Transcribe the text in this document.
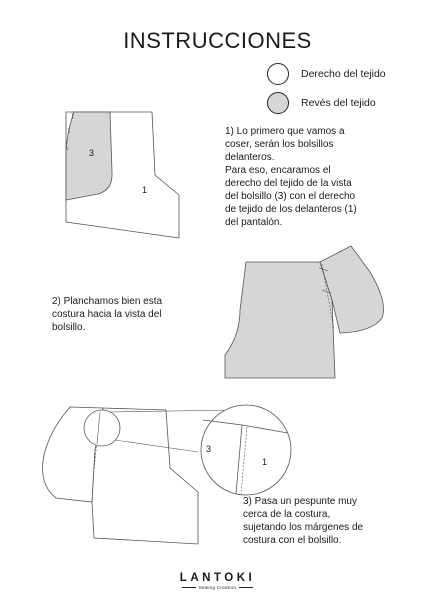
INSTRUCCIONES
Derecho del tejido
Revés del tejido
3
1
1) Lo primero que vamos a
coser, serán los bolsillos
delanteros.
Para eso, encaramos el
derecho del tejido de la vista
del bolsillo (3) con el derecho
de tejido de los delanteros (1)
del pantalón.
2) Planchamos bien esta
costura hacia la vista del
bolsillo.
3
1
3) Pasa un pespunte muy
cerca de la costura,
sujetando los márgenes de
costura con el bolsillo.
LANTOKI
Sewing Creation
